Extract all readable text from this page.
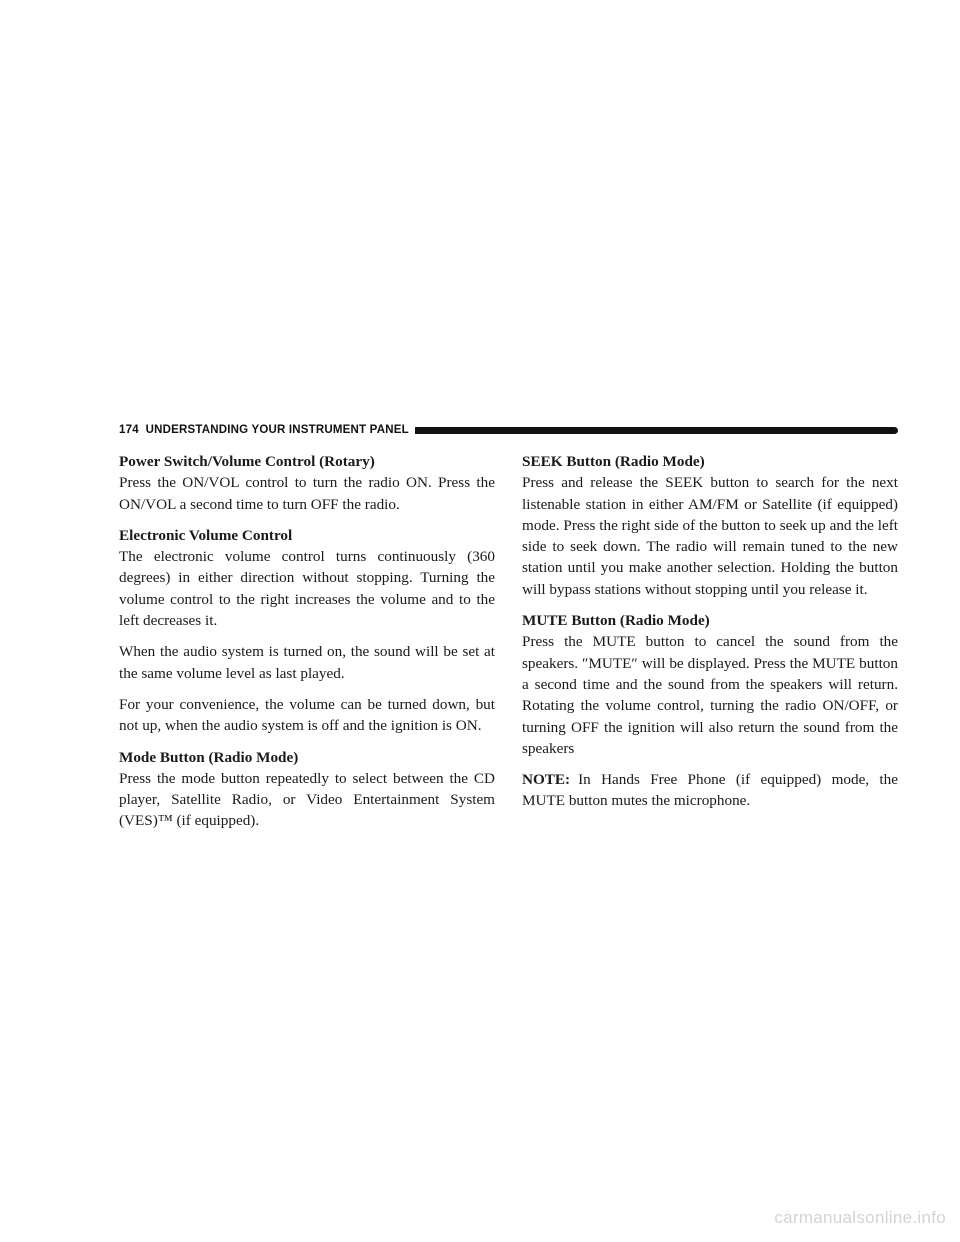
174 UNDERSTANDING YOUR INSTRUMENT PANEL

Power Switch/Volume Control (Rotary)

Press the ON/VOL control to turn the radio ON. Press the ON/VOL a second time to turn OFF the radio.

Electronic Volume Control

The electronic volume control turns continuously (360 degrees) in either direction without stopping. Turning the volume control to the right increases the volume and to the left decreases it.

When the audio system is turned on, the sound will be set at the same volume level as last played.

For your convenience, the volume can be turned down, but not up, when the audio system is off and the ignition is ON.

Mode Button (Radio Mode)

Press the mode button repeatedly to select between the CD player, Satellite Radio, or Video Entertainment System (VES)™ (if equipped).

SEEK Button (Radio Mode)

Press and release the SEEK button to search for the next listenable station in either AM/FM or Satellite (if equipped) mode. Press the right side of the button to seek up and the left side to seek down. The radio will remain tuned to the new station until you make another selection. Holding the button will bypass stations without stopping until you release it.

MUTE Button (Radio Mode)

Press the MUTE button to cancel the sound from the speakers. ″MUTE″ will be displayed. Press the MUTE button a second time and the sound from the speakers will return. Rotating the volume control, turning the radio ON/OFF, or turning OFF the ignition will also return the sound from the speakers

NOTE: In Hands Free Phone (if equipped) mode, the MUTE button mutes the microphone.

carmanualsonline.info
